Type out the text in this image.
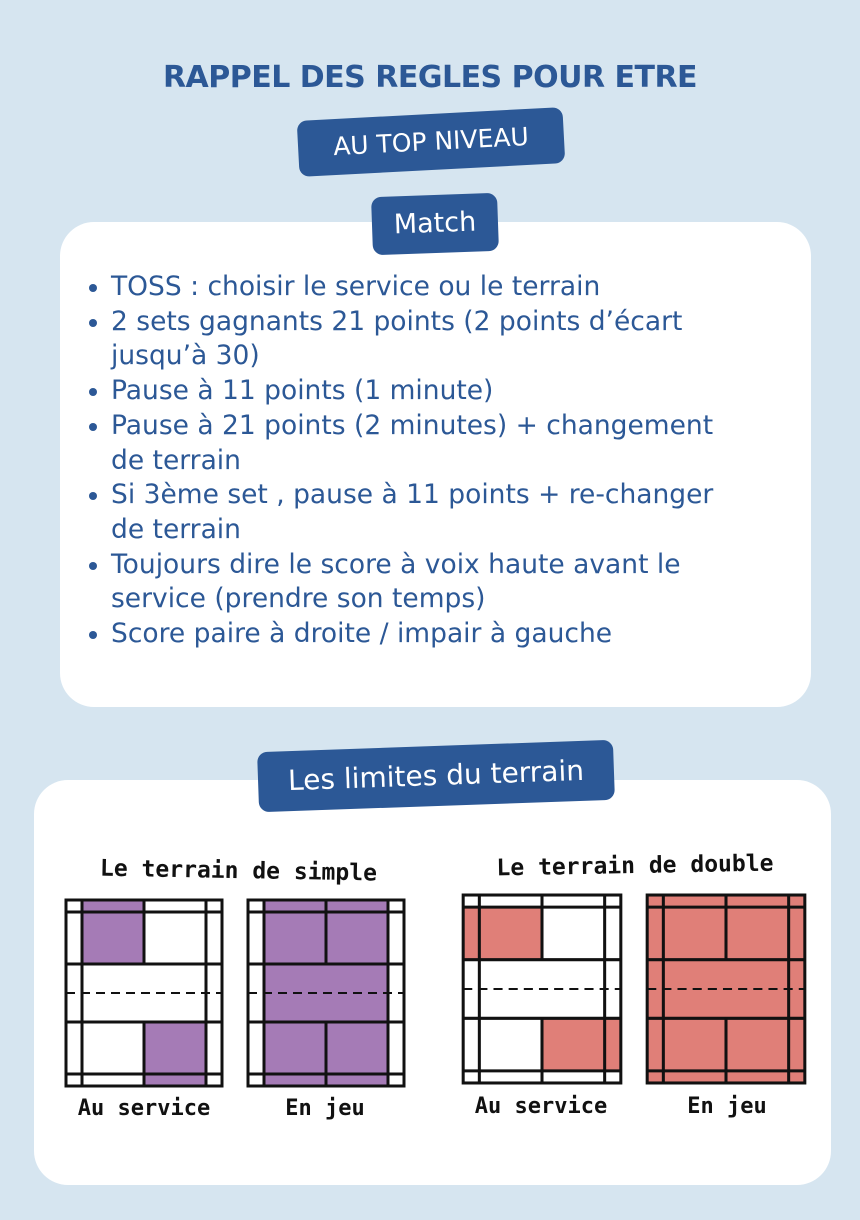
RAPPEL DES REGLES POUR ETRE
AU TOP NIVEAU
Match
TOSS : choisir le service ou le terrain
2 sets gagnants 21 points (2 points d’écart
jusqu’à 30)
Pause à 11 points (1 minute)
Pause à 21 points (2 minutes) + changement
de terrain
Si 3ème set , pause à 11 points + re-changer
de terrain
Toujours dire le score à voix haute avant le
service (prendre son temps)
Score paire à droite / impair à gauche
Les limites du terrain
Le terrain de simple
Au service	En jeu
Le terrain de double
Au service	En jeu
